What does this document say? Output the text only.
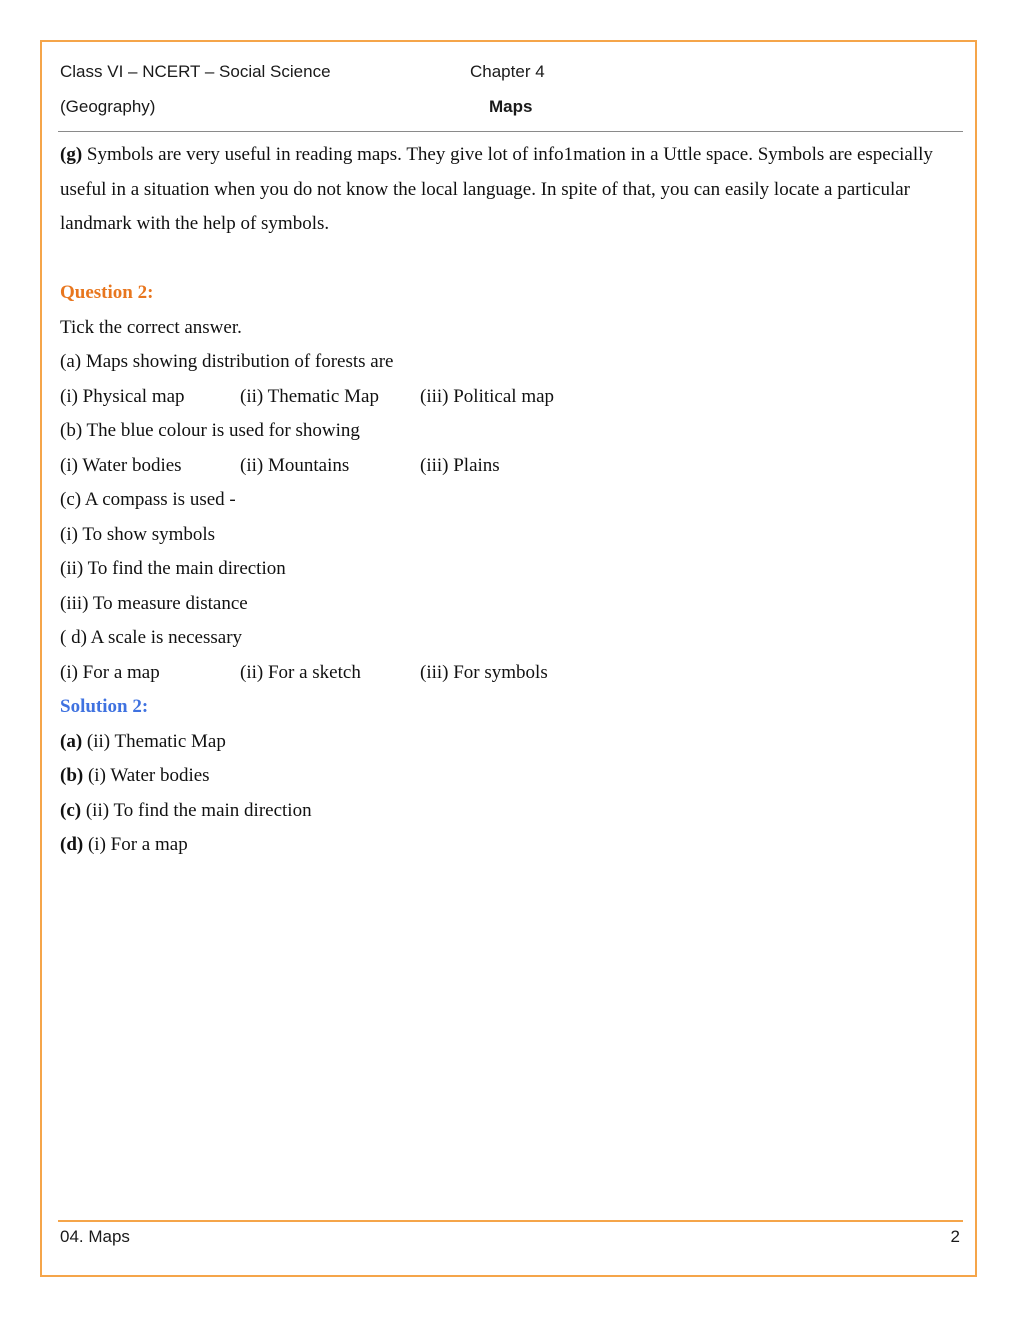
Class VI – NCERT – Social Science
(Geography)
Chapter 4
Maps

(g) Symbols are very useful in reading maps. They give lot of info1mation in a Uttle space. Symbols are especially useful in a situation when you do not know the local language. In spite of that, you can easily locate a particular landmark with the help of symbols.

Question 2:
Tick the correct answer.
(a) Maps showing distribution of forests are
(i) Physical map	(ii) Thematic Map (iii) Political map
(b) The blue colour is used for showing
(i) Water bodies	(ii) Mountains	(iii) Plains
(c) A compass is used -
(i) To show symbols
(ii) To find the main direction
(iii) To measure distance
( d) A scale is necessary
(i) For a map	(ii) For a sketch	(iii) For symbols
Solution 2:
(a) (ii) Thematic Map
(b) (i) Water bodies
(c) (ii) To find the main direction
(d) (i) For a map
04. Maps	2
